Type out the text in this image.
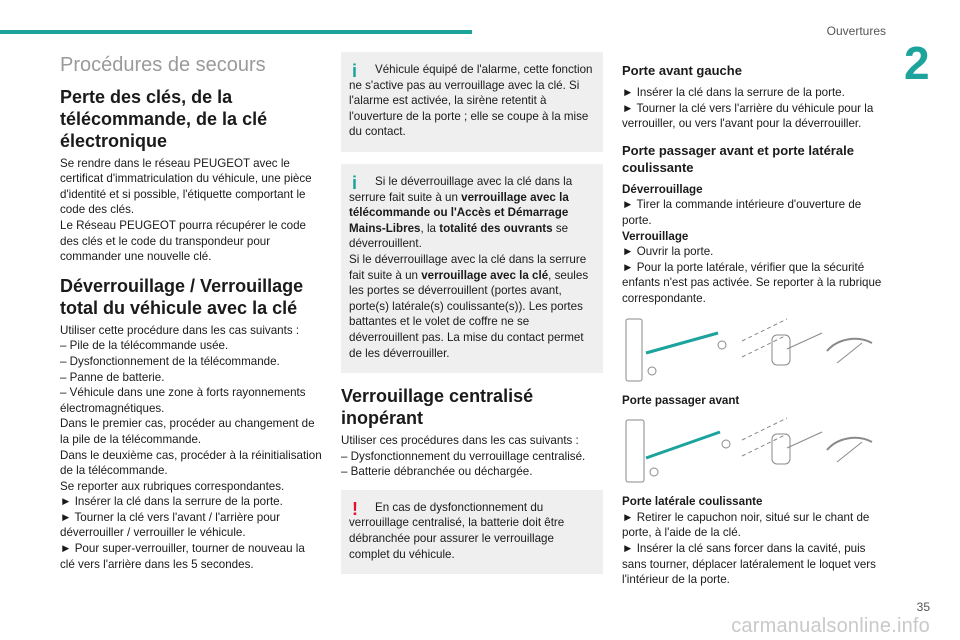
Ouvertures
2
Procédures de secours
Perte des clés, de la télécommande, de la clé électronique

Se rendre dans le réseau PEUGEOT avec le certificat d'immatriculation du véhicule, une pièce d'identité et si possible, l'étiquette comportant le code des clés.

Le Réseau PEUGEOT pourra récupérer le code des clés et le code du transpondeur pour commander une nouvelle clé.

Déverrouillage / Verrouillage total du véhicule avec la clé

Utiliser cette procédure dans les cas suivants :

– Pile de la télécommande usée.

– Dysfonctionnement de la télécommande.

– Panne de batterie.

– Véhicule dans une zone à forts rayonnements électromagnétiques.

Dans le premier cas, procéder au changement de la pile de la télécommande.

Dans le deuxième cas, procéder à la réinitialisation de la télécommande.

Se reporter aux rubriques correspondantes.

► Insérer la clé dans la serrure de la porte.

► Tourner la clé vers l'avant / l'arrière pour déverrouiller / verrouiller le véhicule.

► Pour super-verrouiller, tourner de nouveau la clé vers l'arrière dans les 5 secondes.

i	Véhicule équipé de l'alarme, cette fonction ne s'active pas au verrouillage avec la clé. Si l'alarme est activée, la sirène retentit à l'ouverture de la porte ; elle se coupe à la mise du contact.

i	Si le déverrouillage avec la clé dans la serrure fait suite à un verrouillage avec la télécommande ou l'Accès et Démarrage Mains-Libres, la totalité des ouvrants se déverrouillent.

Si le déverrouillage avec la clé dans la serrure fait suite à un verrouillage avec la clé, seules les portes se déverrouillent (portes avant, porte(s) latérale(s) coulissante(s)). Les portes battantes et le volet de coffre ne se déverrouillent pas. La mise du contact permet de les déverrouiller.

Verrouillage centralisé inopérant

Utiliser ces procédures dans les cas suivants :

– Dysfonctionnement du verrouillage centralisé.

– Batterie débranchée ou déchargée.

!	En cas de dysfonctionnement du verrouillage centralisé, la batterie doit être débranchée pour assurer le verrouillage complet du véhicule.

Porte avant gauche

► Insérer la clé dans la serrure de la porte.

► Tourner la clé vers l'arrière du véhicule pour la verrouiller, ou vers l'avant pour la déverrouiller.

Porte passager avant et porte latérale coulissante

Déverrouillage

► Tirer la commande intérieure d'ouverture de porte.

Verrouillage

► Ouvrir la porte.

► Pour la porte latérale, vérifier que la sécurité enfants n'est pas activée. Se reporter à la rubrique correspondante.

Porte passager avant

Porte latérale coulissante

► Retirer le capuchon noir, situé sur le chant de porte, à l'aide de la clé.

► Insérer la clé sans forcer dans la cavité, puis sans tourner, déplacer latéralement le loquet vers l'intérieur de la porte.

carmanualsonline.info
35
